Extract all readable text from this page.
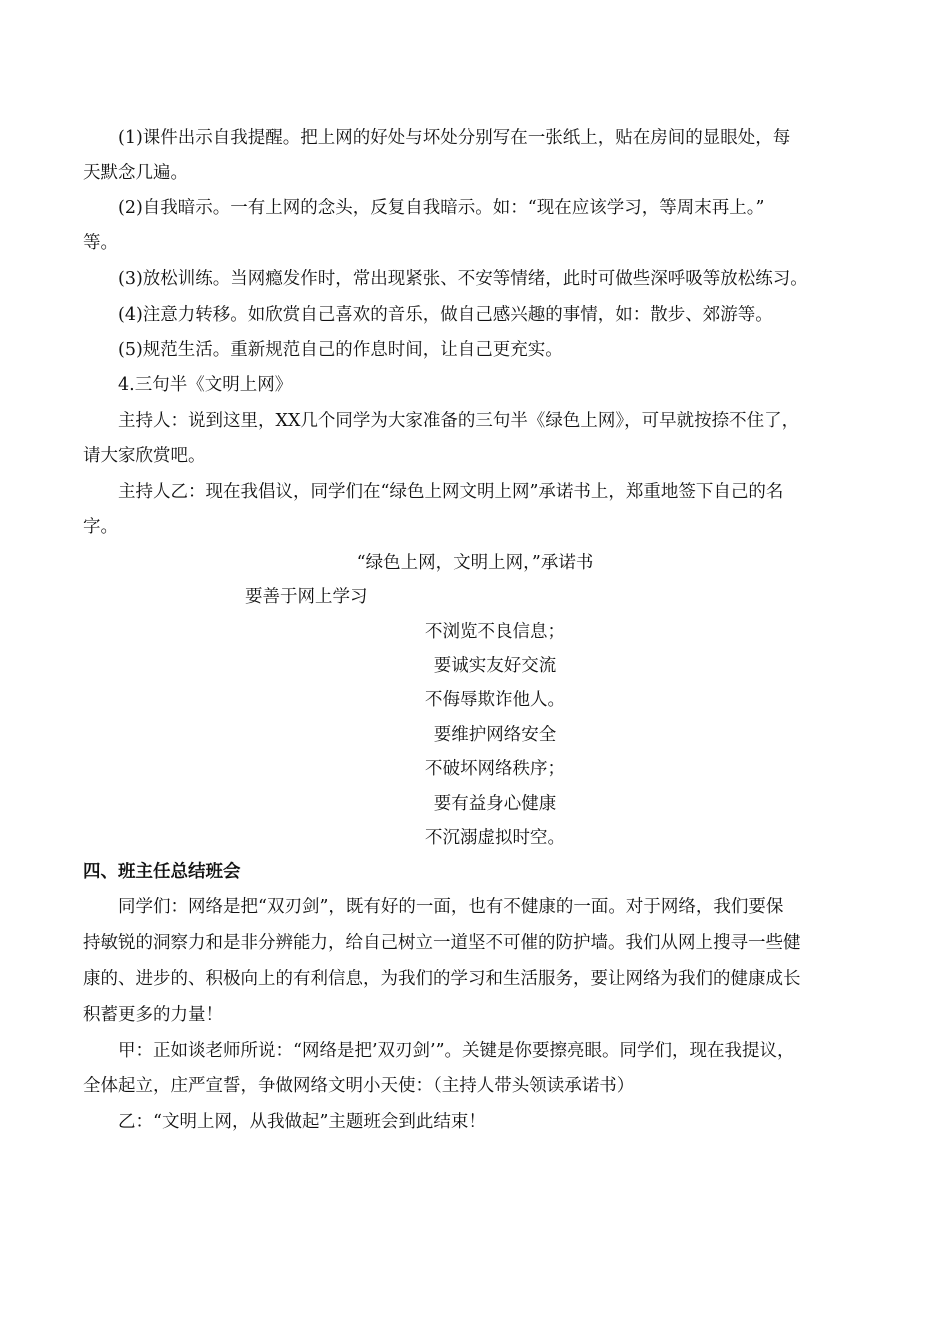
(1)课件出示自我提醒。把上网的好处与坏处分别写在一张纸上，贴在房间的显眼处，每
天默念几遍。
(2)自我暗示。一有上网的念头，反复自我暗示。如：“现在应该学习，等周末再上。”
等。
(3)放松训练。当网瘾发作时，常出现紧张、不安等情绪，此时可做些深呼吸等放松练习。
(4)注意力转移。如欣赏自己喜欢的音乐，做自己感兴趣的事情，如：散步、郊游等。
(5)规范生活。重新规范自己的作息时间，让自己更充实。
4.三句半《文明上网》
主持人：说到这里，XX几个同学为大家准备的三句半《绿色上网》，可早就按捺不住了，
请大家欣赏吧。
主持人乙：现在我倡议，同学们在“绿色上网文明上网”承诺书上，郑重地签下自己的名
字。
“绿色上网，文明上网，”承诺书
要善于网上学习
不浏览不良信息；
要诚实友好交流
不侮辱欺诈他人。
要维护网络安全
不破坏网络秩序；
要有益身心健康
不沉溺虚拟时空。
四、班主任总结班会
同学们：网络是把“双刃剑”，既有好的一面，也有不健康的一面。对于网络，我们要保
持敏锐的洞察力和是非分辨能力，给自己树立一道坚不可催的防护墙。我们从网上搜寻一些健
康的、进步的、积极向上的有利信息，为我们的学习和生活服务，要让网络为我们的健康成长
积蓄更多的力量！
甲：正如谈老师所说：“网络是把’双刃剑’”。关键是你要擦亮眼。同学们，现在我提议，
全体起立，庄严宣誓，争做网络文明小天使：（主持人带头领读承诺书）
乙：“文明上网，从我做起”主题班会到此结束！
